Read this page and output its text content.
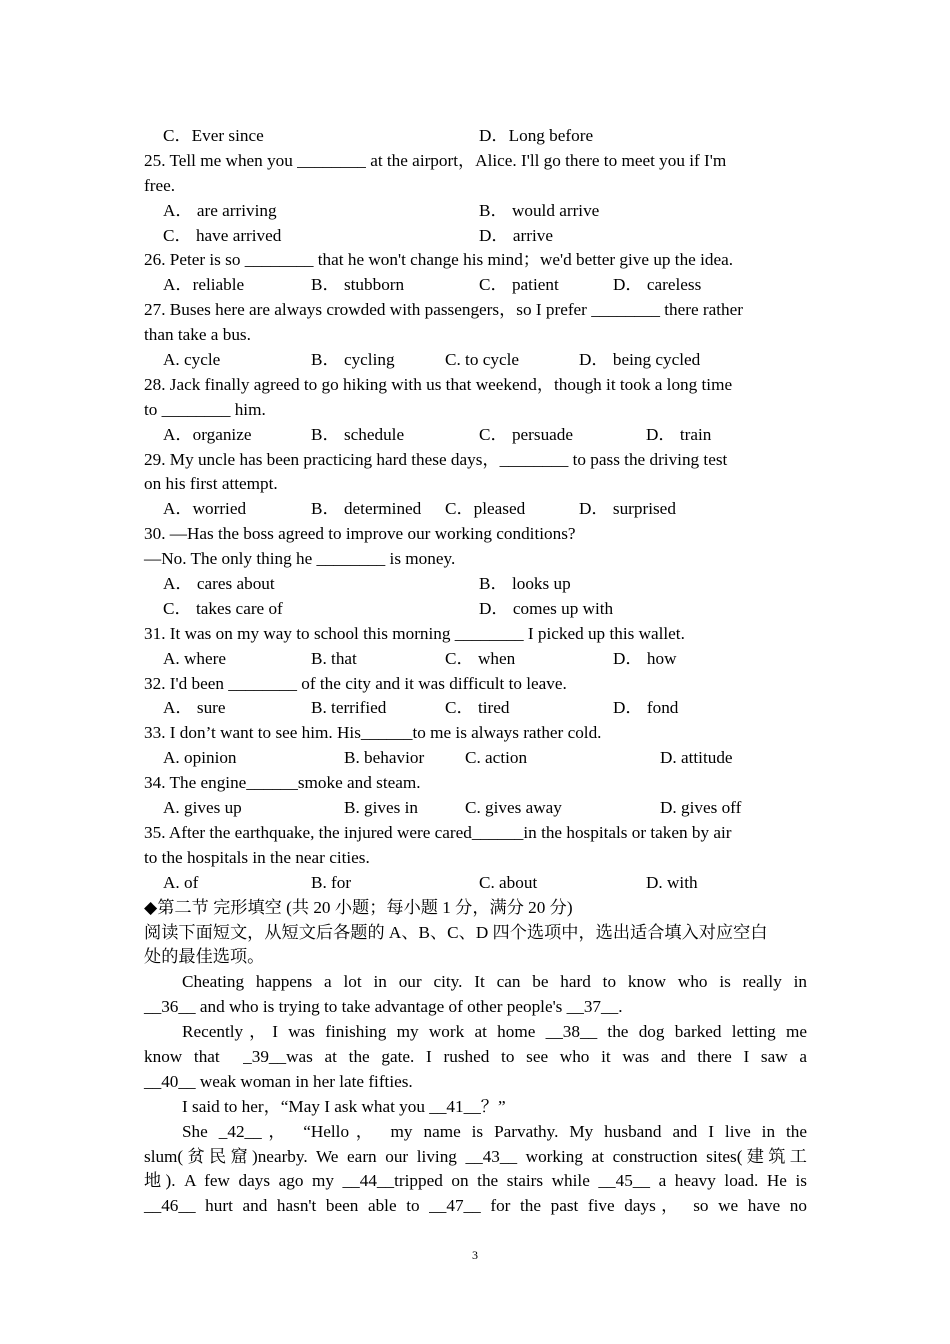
C．Ever since	D．Long before
25. Tell me when you ________ at the airport，Alice. I'll go there to meet you if I'm
free.
A． are arriving	B． would arrive
C． have arrived	D． arrive
26. Peter is so ________ that he won't change his mind；we'd better give up the idea.
A．reliable	B． stubborn	C． patient	D． careless
27. Buses here are always crowded with passengers，so I prefer ________ there rather
than take a bus.
A. cycle	B． cycling	C. to cycle	D． being cycled
28. Jack finally agreed to go hiking with us that weekend，though it took a long time
to ________ him.
A．organize	B． schedule	C． persuade	D． train
29. My uncle has been practicing hard these days，________ to pass the driving test
on his first attempt.
A．worried	B． determined C．pleased	D． surprised
30. —Has the boss agreed to improve our working conditions?
—No. The only thing he ________ is money.
A． cares about	B． looks up
C． takes care of	D． comes up with
31. It was on my way to school this morning ________ I picked up this wallet.
A. where	B. that	C． when	D． how
32. I'd been ________ of the city and it was difficult to leave.
A． sure	B. terrified	C． tired	D． fond
33. I don’t want to see him. His______to me is always rather cold.
A. opinion	B. behavior C. action	D. attitude
34. The engine______smoke and steam.
A. gives up	B. gives in	C. gives away	D. gives off
35. After the earthquake, the injured were cared______in the hospitals or taken by air
to the hospitals in the near cities.
A. of	B. for	C. about	D. with
◆第二节 完形填空 (共 20 小题；每小题 1 分，满分 20 分)
阅读下面短文，从短文后各题的 A、B、C、D 四个选项中，选出适合填入对应空白
处的最佳选项。
Cheating happens a lot in our city. It can be hard to know who is really in
__36__ and who is trying to take advantage of other people's __37__.
Recently，I was finishing my work at home __38__ the dog barked letting me
know that  _39__was at the gate. I rushed to see who it was and there I saw a
__40__ weak woman in her late fifties.
I said to her，“May I ask what you __41__？”
She _42__， “Hello， my name is Parvathy. My husband and I live in the
slum(贫民窟)nearby. We earn our living __43__ working at construction sites(建筑工
地). A few days ago my __44__tripped on the stairs while __45__ a heavy load. He is
__46__ hurt and hasn't been able to __47__ for the past five days， so we have no
3
